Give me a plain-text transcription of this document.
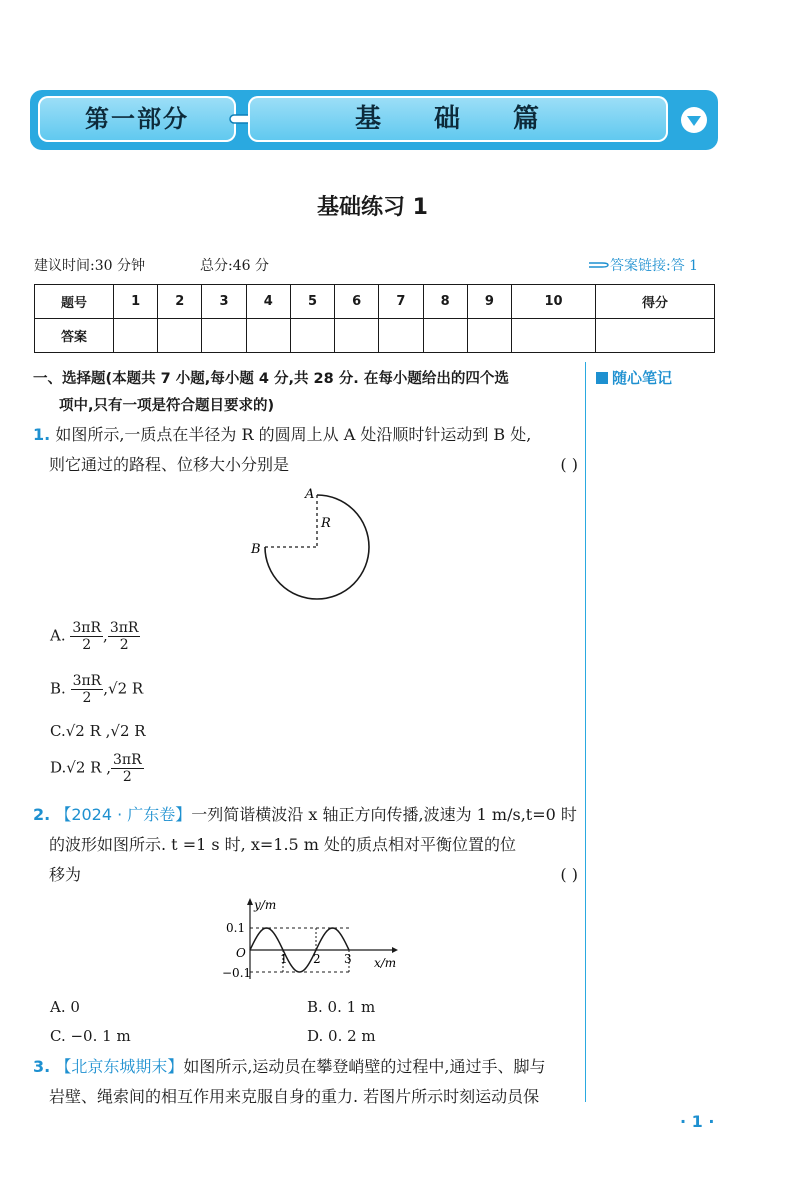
第一部分	基 础 篇
基础练习 1
建议时间:30 分钟	总分:46 分	答案链接:答 1
题号	1	2	3	4	5	6	7	8	9	10	得分
答案											
随心笔记
一、选择题(本题共 7 小题,每小题 4 分,共 28 分. 在每小题给出的四个选
项中,只有一项是符合题目要求的)
1. 如图所示,一质点在半径为 R 的圆周上从 A 处沿顺时针运动到 B 处,
则它通过的路程、位移大小分别是	( )
A
B
R
A. $\frac{3\pi R}{2}$ , $\frac{3\pi R}{2}$
B. $\frac{3\pi R}{2} ,√2$ R
C.√2 R ,√2 R
D.√2 R , $\frac{3\pi R}{2}$
2. 【2024 · 广东卷】一列简谐横波沿 x 轴正方向传播,波速为 1 m/s,t=0 时
的波形如图所示. t =1 s 时, x=1.5 m 处的质点相对平衡位置的位
移为	( )
y/m
x/m
O
0.1
−0.1
1 2 3
A. 0	B. 0. 1 m
C. −0. 1 m	D. 0. 2 m
3. 【北京东城期末】如图所示,运动员在攀登峭壁的过程中,通过手、脚与
岩壁、绳索间的相互作用来克服自身的重力. 若图片所示时刻运动员保
· 1 ·
